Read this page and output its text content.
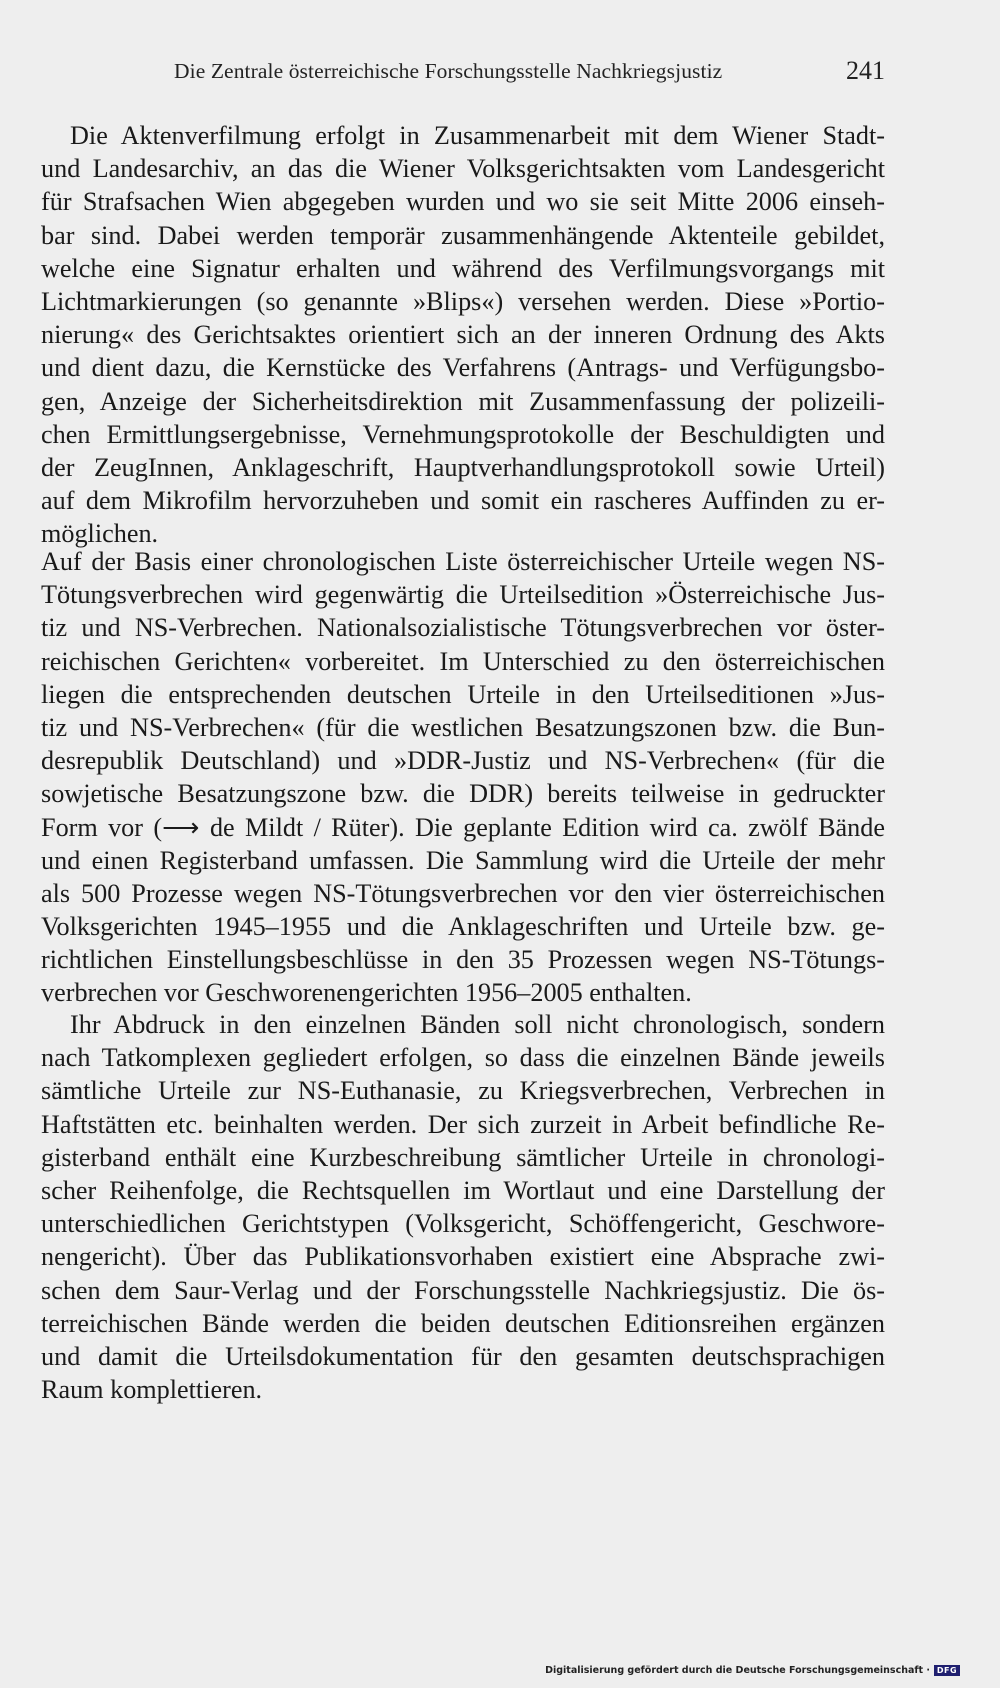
Die Zentrale österreichische Forschungsstelle Nachkriegsjustiz	241
Die Aktenverfilmung erfolgt in Zusammenarbeit mit dem Wiener Stadt-
und Landesarchiv, an das die Wiener Volksgerichtsakten vom Landesgericht
für Strafsachen Wien abgegeben wurden und wo sie seit Mitte 2006 einseh-
bar sind. Dabei werden temporär zusammenhängende Aktenteile gebildet,
welche eine Signatur erhalten und während des Verfilmungsvorgangs mit
Lichtmarkierungen (so genannte »Blips«) versehen werden. Diese »Portio-
nierung« des Gerichtsaktes orientiert sich an der inneren Ordnung des Akts
und dient dazu, die Kernstücke des Verfahrens (Antrags- und Verfügungsbo-
gen, Anzeige der Sicherheitsdirektion mit Zusammenfassung der polizeili-
chen Ermittlungsergebnisse, Vernehmungsprotokolle der Beschuldigten und
der ZeugInnen, Anklageschrift, Hauptverhandlungsprotokoll sowie Urteil)
auf dem Mikrofilm hervorzuheben und somit ein rascheres Auffinden zu er-
möglichen.
Auf der Basis einer chronologischen Liste österreichischer Urteile wegen NS-
Tötungsverbrechen wird gegenwärtig die Urteilsedition »Österreichische Jus-
tiz und NS-Verbrechen. Nationalsozialistische Tötungsverbrechen vor öster-
reichischen Gerichten« vorbereitet. Im Unterschied zu den österreichischen
liegen die entsprechenden deutschen Urteile in den Urteilseditionen »Jus-
tiz und NS-Verbrechen« (für die westlichen Besatzungszonen bzw. die Bun-
desrepublik Deutschland) und »DDR-Justiz und NS-Verbrechen« (für die
sowjetische Besatzungszone bzw. die DDR) bereits teilweise in gedruckter
Form vor (⟶ de Mildt / Rüter). Die geplante Edition wird ca. zwölf Bände
und einen Registerband umfassen. Die Sammlung wird die Urteile der mehr
als 500 Prozesse wegen NS-Tötungsverbrechen vor den vier österreichischen
Volksgerichten 1945–1955 und die Anklageschriften und Urteile bzw. ge-
richtlichen Einstellungsbeschlüsse in den 35 Prozessen wegen NS-Tötungs-
verbrechen vor Geschworenengerichten 1956–2005 enthalten.
Ihr Abdruck in den einzelnen Bänden soll nicht chronologisch, sondern
nach Tatkomplexen gegliedert erfolgen, so dass die einzelnen Bände jeweils
sämtliche Urteile zur NS-Euthanasie, zu Kriegsverbrechen, Verbrechen in
Haftstätten etc. beinhalten werden. Der sich zurzeit in Arbeit befindliche Re-
gisterband enthält eine Kurzbeschreibung sämtlicher Urteile in chronologi-
scher Reihenfolge, die Rechtsquellen im Wortlaut und eine Darstellung der
unterschiedlichen Gerichtstypen (Volksgericht, Schöffengericht, Geschwore-
nengericht). Über das Publikationsvorhaben existiert eine Absprache zwi-
schen dem Saur-Verlag und der Forschungsstelle Nachkriegsjustiz. Die ös-
terreichischen Bände werden die beiden deutschen Editionsreihen ergänzen
und damit die Urteilsdokumentation für den gesamten deutschsprachigen
Raum komplettieren.
Digitalisierung gefördert durch die Deutsche Forschungsgemeinschaft · DFG
